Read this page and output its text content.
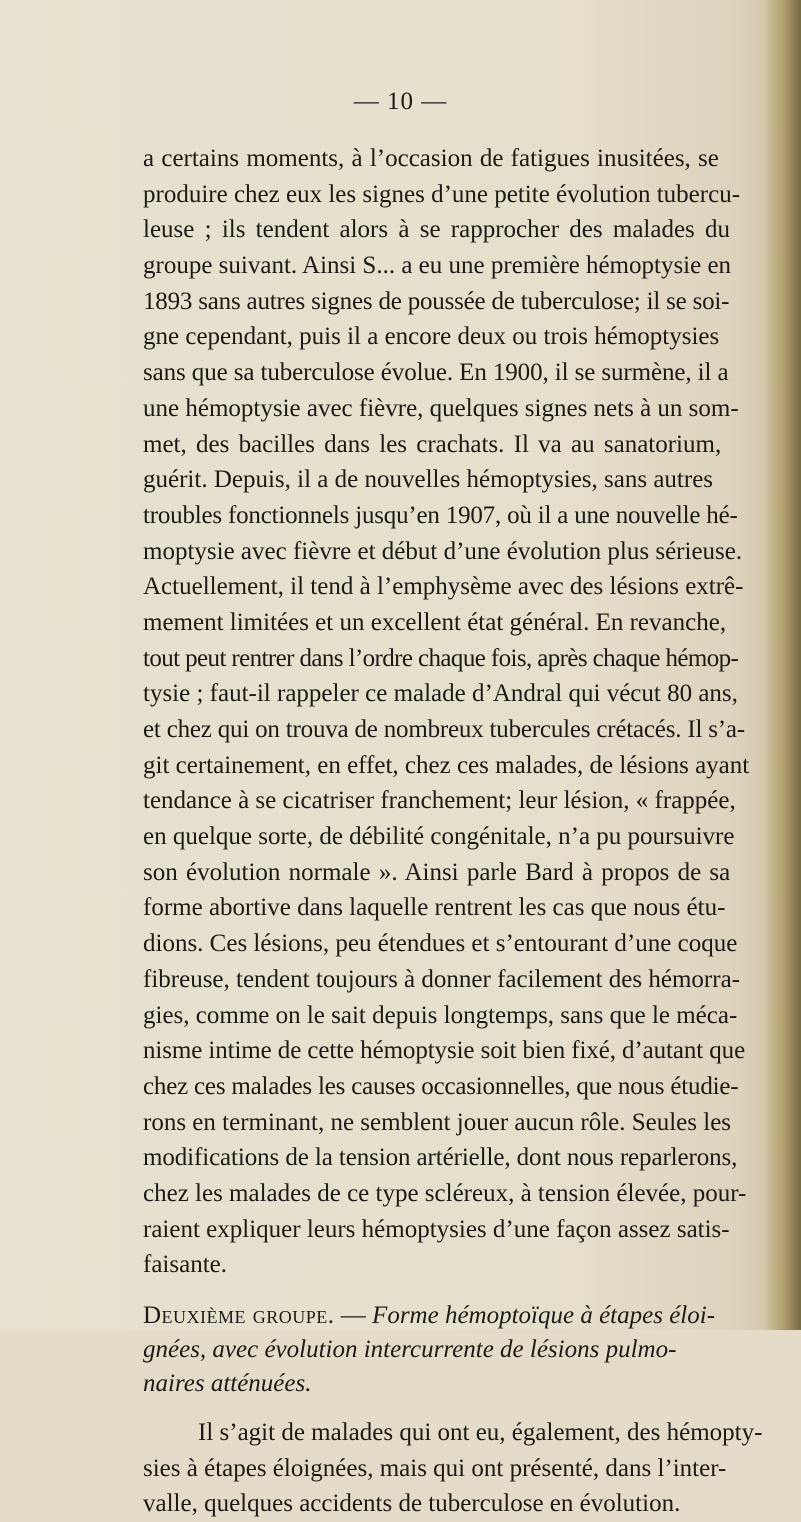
— 10 —
a certains moments, à l’occasion de fatigues inusitées, se
produire chez eux les signes d’une petite évolution tubercu-
leuse ; ils tendent alors à se rapprocher des malades du
groupe suivant. Ainsi S... a eu une première hémoptysie en
1893 sans autres signes de poussée de tuberculose; il se soi-
gne cependant, puis il a encore deux ou trois hémoptysies
sans que sa tuberculose évolue. En 1900, il se surmène, il a
une hémoptysie avec fièvre, quelques signes nets à un som-
met, des bacilles dans les crachats. Il va au sanatorium,
guérit. Depuis, il a de nouvelles hémoptysies, sans autres
troubles fonctionnels jusqu’en 1907, où il a une nouvelle hé-
moptysie avec fièvre et début d’une évolution plus sérieuse.
Actuellement, il tend à l’emphysème avec des lésions extrê-
mement limitées et un excellent état général. En revanche,
tout peut rentrer dans l’ordre chaque fois, après chaque hémop-
tysie ; faut-il rappeler ce malade d’Andral qui vécut 80 ans,
et chez qui on trouva de nombreux tubercules crétacés. Il s’a-
git certainement, en effet, chez ces malades, de lésions ayant
tendance à se cicatriser franchement; leur lésion, « frappée,
en quelque sorte, de débilité congénitale, n’a pu poursuivre
son évolution normale ». Ainsi parle Bard à propos de sa
forme abortive dans laquelle rentrent les cas que nous étu-
dions. Ces lésions, peu étendues et s’entourant d’une coque
fibreuse, tendent toujours à donner facilement des hémorra-
gies, comme on le sait depuis longtemps, sans que le méca-
nisme intime de cette hémoptysie soit bien fixé, d’autant que
chez ces malades les causes occasionnelles, que nous étudie-
rons en terminant, ne semblent jouer aucun rôle. Seules les
modifications de la tension artérielle, dont nous reparlerons,
chez les malades de ce type scléreux, à tension élevée, pour-
raient expliquer leurs hémoptysies d’une façon assez satis-
faisante.
Deuxième groupe. — Forme hémoptoïque à étapes éloi-
gnées, avec évolution intercurrente de lésions pulmo-
naires atténuées.
Il s’agit de malades qui ont eu, également, des hémopty-
sies à étapes éloignées, mais qui ont présenté, dans l’inter-
valle, quelques accidents de tuberculose en évolution.
